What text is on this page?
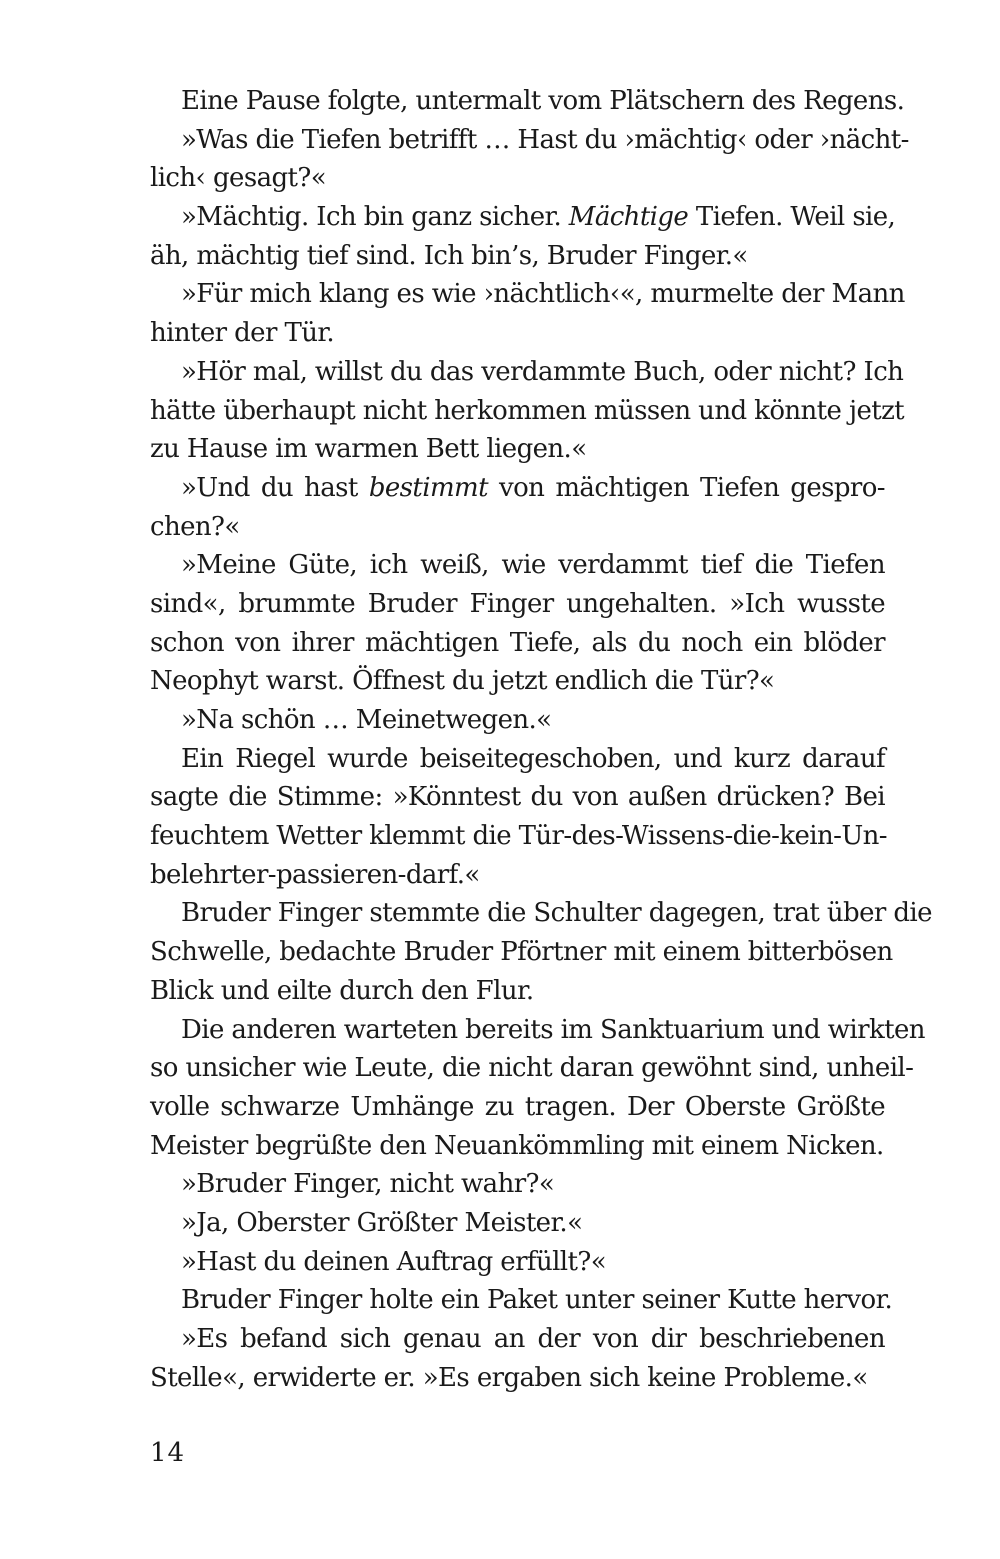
Eine Pause folgte, untermalt vom Plätschern des Regens.
»Was die Tiefen betrifft … Hast du ›mächtig‹ oder ›nächt-
lich‹ gesagt?«
»Mächtig. Ich bin ganz sicher. Mächtige Tiefen. Weil sie,
äh, mächtig tief sind. Ich bin’s, Bruder Finger.«
»Für mich klang es wie ›nächtlich‹«, murmelte der Mann
hinter der Tür.
»Hör mal, willst du das verdammte Buch, oder nicht? Ich
hätte überhaupt nicht herkommen müssen und könnte jetzt
zu Hause im warmen Bett liegen.«
»Und du hast bestimmt von mächtigen Tiefen gespro-
chen?«
»Meine Güte, ich weiß, wie verdammt tief die Tiefen
sind«, brummte Bruder Finger ungehalten. »Ich wusste
schon von ihrer mächtigen Tiefe, als du noch ein blöder
Neophyt warst. Öffnest du jetzt endlich die Tür?«
»Na schön … Meinetwegen.«
Ein Riegel wurde beiseitegeschoben, und kurz darauf
sagte die Stimme: »Könntest du von außen drücken? Bei
feuchtem Wetter klemmt die Tür-des-Wissens-die-kein-Un-
belehrter-passieren-darf.«
Bruder Finger stemmte die Schulter dagegen, trat über die
Schwelle, bedachte Bruder Pförtner mit einem bitterbösen
Blick und eilte durch den Flur.
Die anderen warteten bereits im Sanktuarium und wirkten
so unsicher wie Leute, die nicht daran gewöhnt sind, unheil-
volle schwarze Umhänge zu tragen. Der Oberste Größte
Meister begrüßte den Neuankömmling mit einem Nicken.
»Bruder Finger, nicht wahr?«
»Ja, Oberster Größter Meister.«
»Hast du deinen Auftrag erfüllt?«
Bruder Finger holte ein Paket unter seiner Kutte hervor.
»Es befand sich genau an der von dir beschriebenen
Stelle«, erwiderte er. »Es ergaben sich keine Probleme.«
14
